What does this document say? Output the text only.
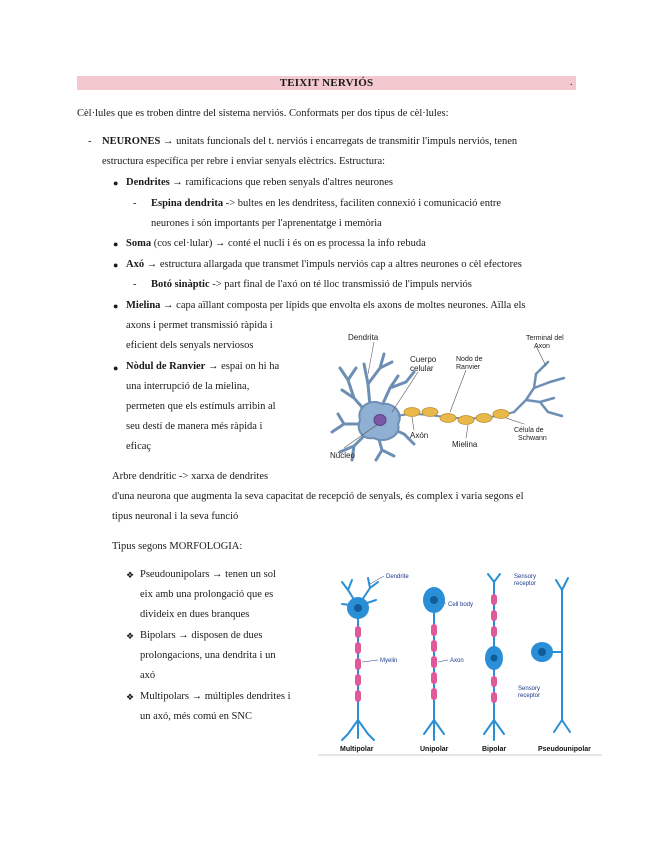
TEIXIT NERVIÓS	.
Cèl·lules que es troben dintre del sistema nerviós. Conformats per dos tipus de cèl·lules:
- NEURONES → unitats funcionals del t. nerviós i encarregats de transmitir l'impuls nerviós, tenen
estructura específica per rebre i enviar senyals elèctrics. Estructura:
● Dendrites → ramificacions que reben senyals d'altres neurones
- Espina dendrita -> bultes en les dendritess, faciliten connexió i comunicació entre
neurones i són importants per l'aprenentatge i memòria
● Soma (cos cel·lular) → conté el nucli i és on es processa la info rebuda
● Axó → estructura allargada que transmet l'impuls nerviós cap a altres neurones o cèl efectores
- Botó sinàptic -> part final de l'axó on té lloc transmissió de l'impuls nerviós
● Mielina → capa aïllant composta per lípids que envolta els axons de moltes neurones. Aïlla els
axons i permet transmissió ràpida i
eficient dels senyals nerviosos
● Nòdul de Ranvier → espai on hi ha
una interrupció de la mielina,
permeten que els estímuls arribin al
seu destí de manera més ràpida i
eficaç
Arbre dendrític -> xarxa de dendrites
d'una neurona que augmenta la seva capacitat de recepció de senyals, és complex i varia segons el
tipus neuronal i la seva funció
Tipus segons MORFOLOGIA:
❖ Pseudounipolars → tenen un sol
eix amb una prolongació que es
divideix en dues branques
❖ Bipolars → disposen de dues
prolongacions, una dendrita i un
axó
❖ Multipolars → múltiples dendrites i
un axó, més comú en SNC
Dendrita
Cuerpo
celular
Nodo de
Ranvier
Terminal del
Axon
Axón
Célula de
Schwann
Mielina
Núcleo
Dendrite
Cell body
Myelin	Axon
Sensory
receptor
Sensory
receptor
Multipolar	Unipolar	Bipolar	Pseudounipolar
